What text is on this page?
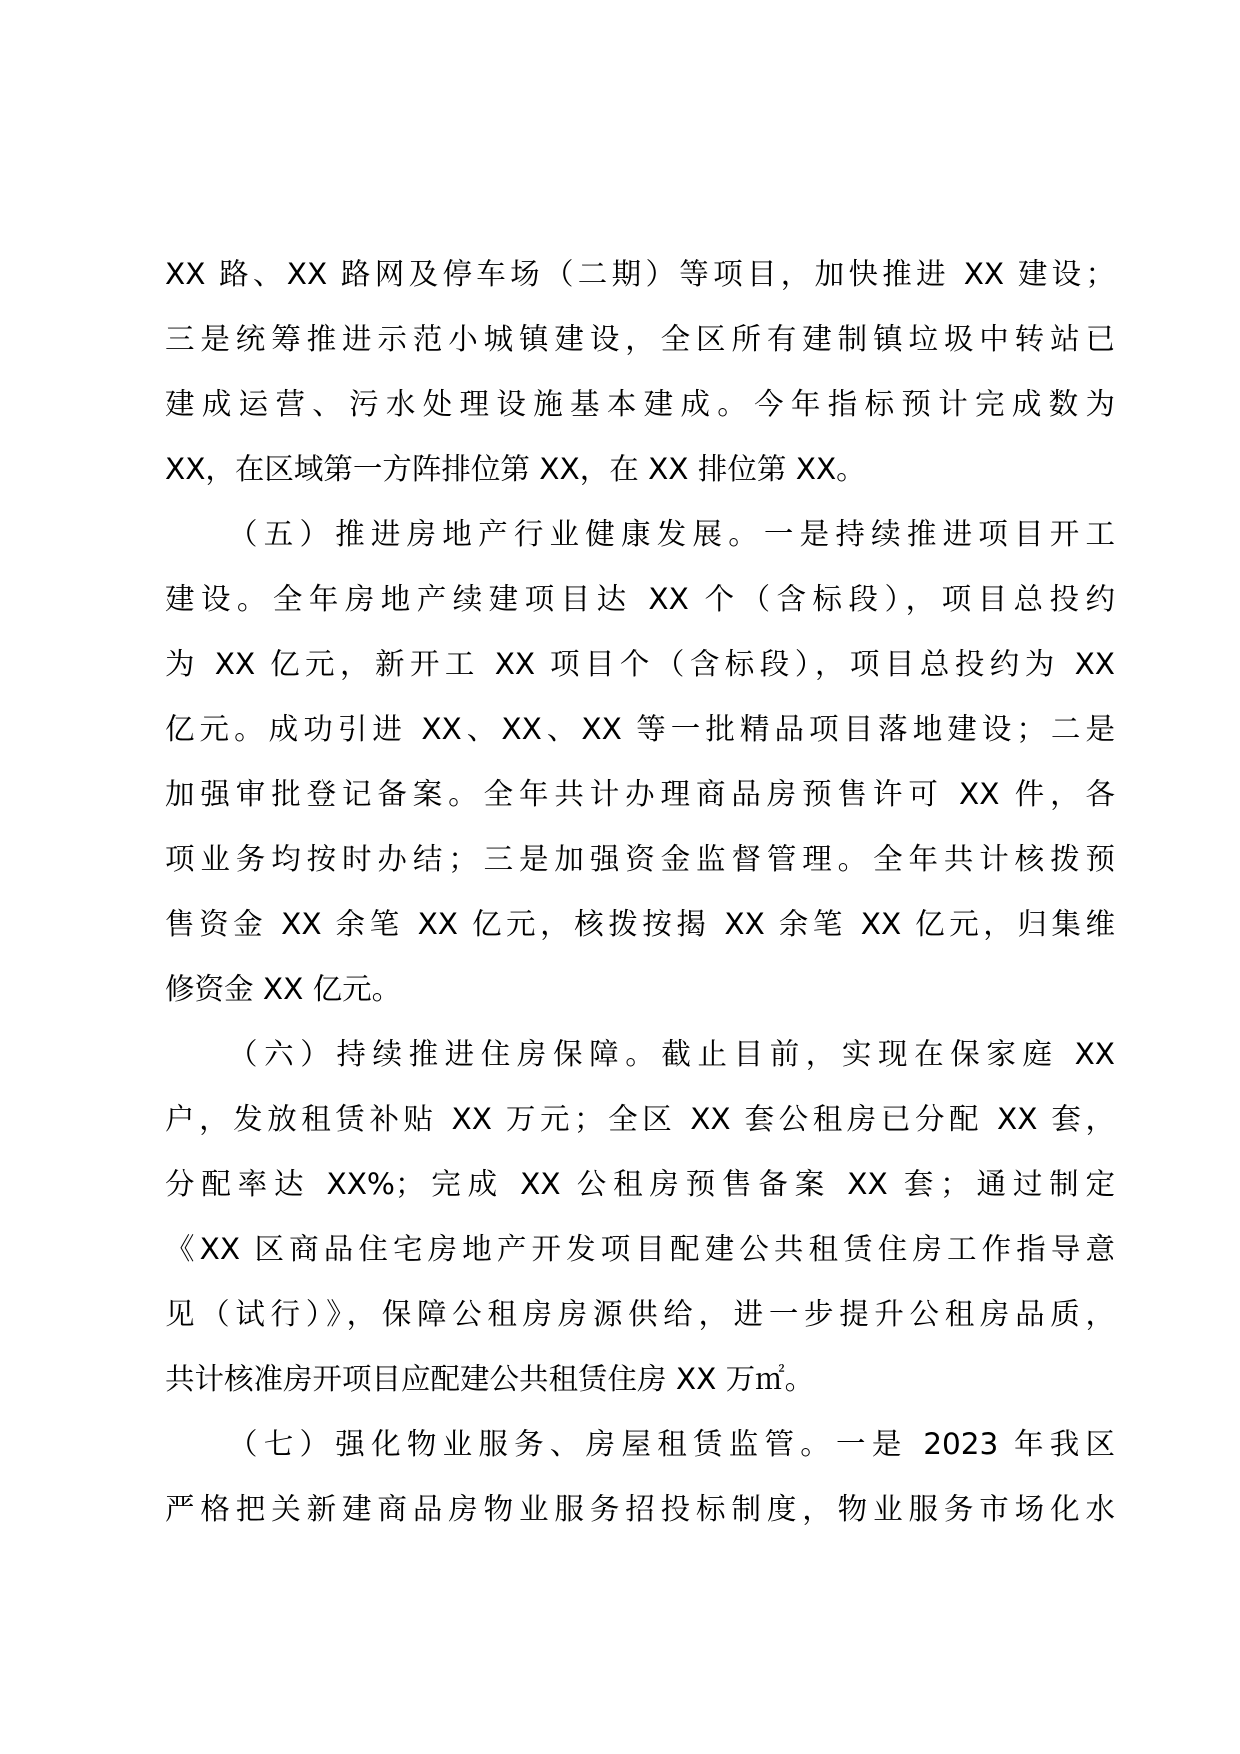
XX 路、XX 路网及停车场（二期）等项目，加快推进 XX 建设；
三是统筹推进示范小城镇建设，全区所有建制镇垃圾中转站已
建成运营、污水处理设施基本建成。今年指标预计完成数为
XX，在区域第一方阵排位第 XX，在 XX 排位第 XX。
（五）推进房地产行业健康发展。一是持续推进项目开工
建设。全年房地产续建项目达 XX 个（含标段），项目总投约
为 XX 亿元，新开工 XX 项目个（含标段），项目总投约为 XX
亿元。成功引进 XX、XX、XX 等一批精品项目落地建设；二是
加强审批登记备案。全年共计办理商品房预售许可 XX 件，各
项业务均按时办结；三是加强资金监督管理。全年共计核拨预
售资金 XX 余笔 XX 亿元，核拨按揭 XX 余笔 XX 亿元，归集维
修资金 XX 亿元。
（六）持续推进住房保障。截止目前，实现在保家庭 XX
户，发放租赁补贴 XX 万元；全区 XX 套公租房已分配 XX 套，
分配率达 XX%；完成 XX 公租房预售备案 XX 套；通过制定
《XX 区商品住宅房地产开发项目配建公共租赁住房工作指导意
见（试行）》，保障公租房房源供给，进一步提升公租房品质，
共计核准房开项目应配建公共租赁住房 XX 万㎡。
（七）强化物业服务、房屋租赁监管。一是 2023 年我区
严格把关新建商品房物业服务招投标制度，物业服务市场化水
